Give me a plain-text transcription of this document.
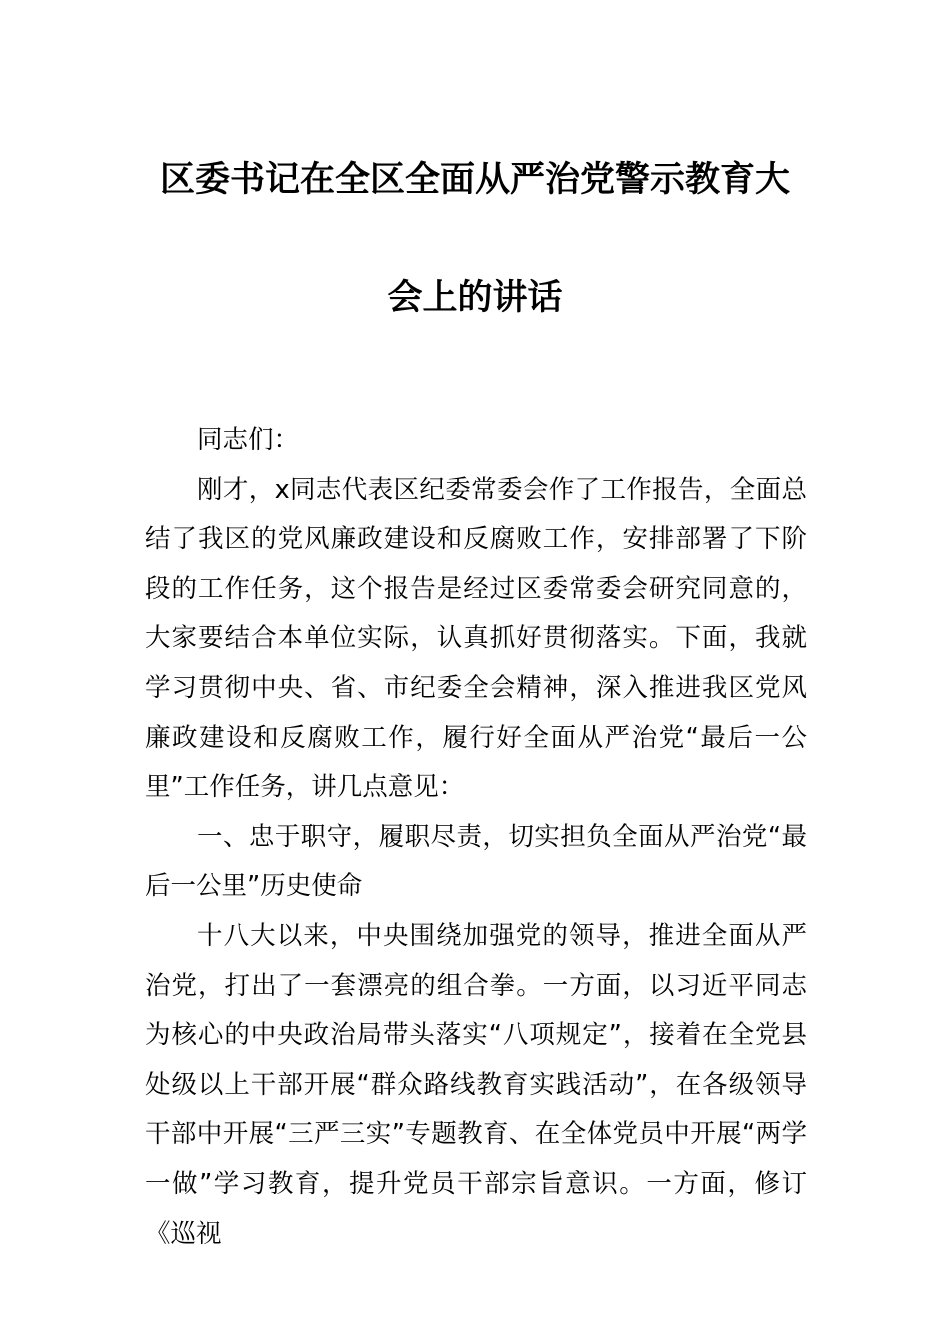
区委书记在全区全面从严治党警示教育大
会上的讲话

同志们：

刚才，x同志代表区纪委常委会作了工作报告，全面总结了我区的党风廉政建设和反腐败工作，安排部署了下阶段的工作任务，这个报告是经过区委常委会研究同意的，大家要结合本单位实际，认真抓好贯彻落实。下面，我就学习贯彻中央、省、市纪委全会精神，深入推进我区党风廉政建设和反腐败工作，履行好全面从严治党“最后一公里”工作任务，讲几点意见：

一、忠于职守，履职尽责，切实担负全面从严治党“最后一公里”历史使命

十八大以来，中央围绕加强党的领导，推进全面从严治党，打出了一套漂亮的组合拳。一方面，以习近平同志为核心的中央政治局带头落实“八项规定”，接着在全党县处级以上干部开展“群众路线教育实践活动”，在各级领导干部中开展“三严三实”专题教育、在全体党员中开展“两学一做”学习教育，提升党员干部宗旨意识。一方面，修订《巡视
